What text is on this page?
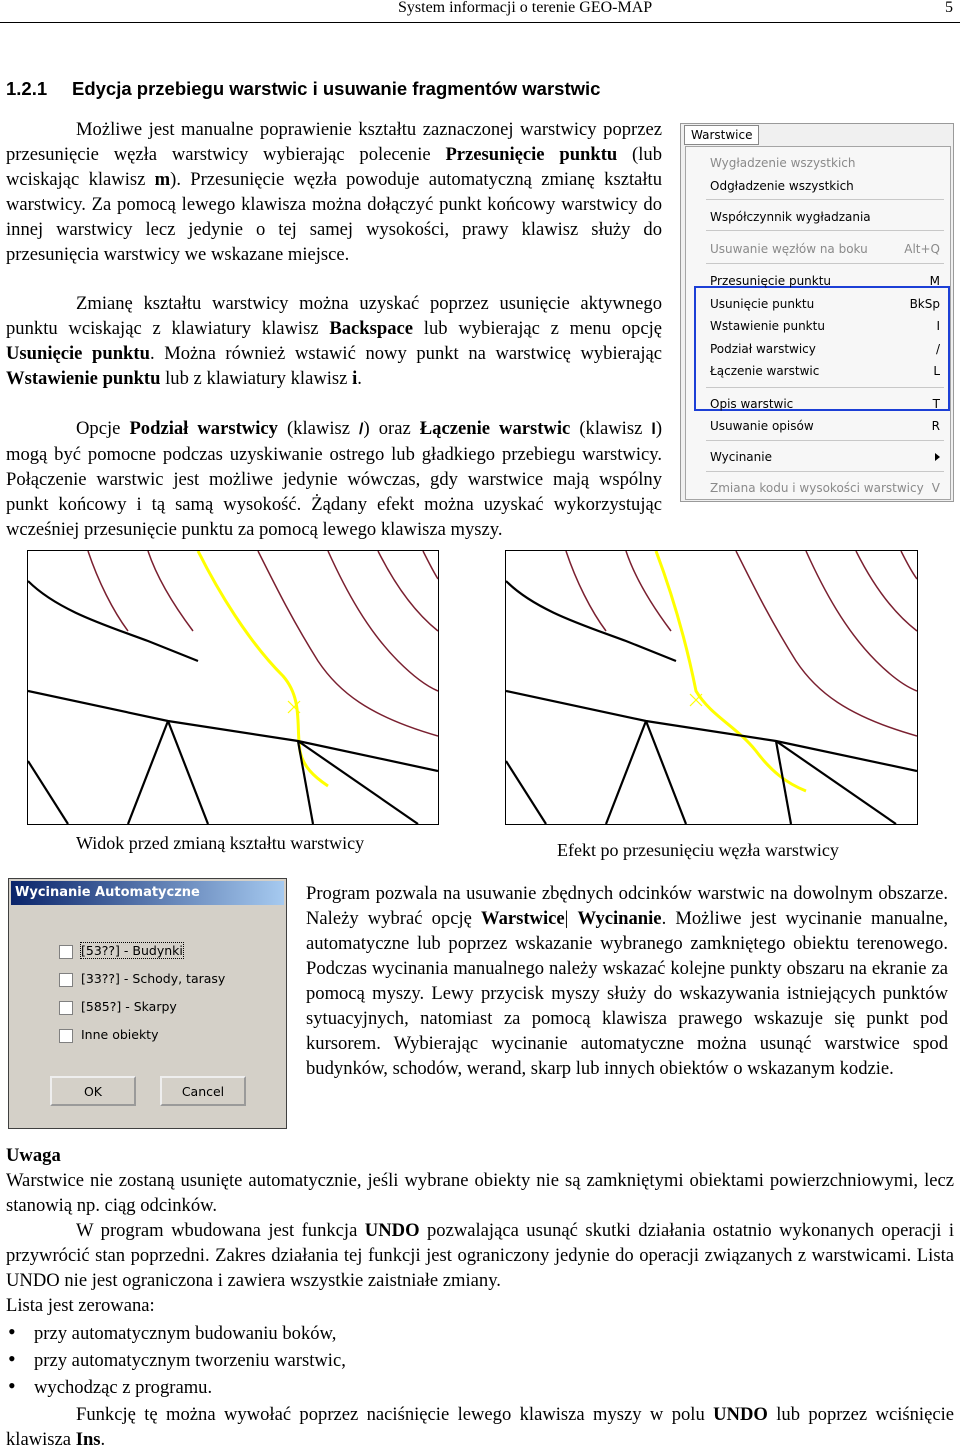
System informacji o terenie GEO-MAP	5
1.2.1 Edycja przebiegu warstwic i usuwanie fragmentów warstwic
Możliwe jest manualne poprawienie kształtu zaznaczonej warstwicy poprzez przesunięcie węzła warstwicy wybierając polecenie Przesunięcie punktu (lub wciskając klawisz m). Przesunięcie węzła powoduje automatyczną zmianę kształtu warstwicy. Za pomocą lewego klawisza można dołączyć punkt końcowy warstwicy do innej warstwicy lecz jedynie o tej samej wysokości, prawy klawisz służy do przesunięcia warstwicy we wskazane miejsce.
Zmianę kształtu warstwicy można uzyskać poprzez usunięcie aktywnego punktu wciskając z klawiatury klawisz Backspace lub wybierając z menu opcję Usunięcie punktu. Można również wstawić nowy punkt na warstwicę wybierając Wstawienie punktu lub z klawiatury klawisz i.
Opcje Podział warstwicy (klawisz /) oraz Łączenie warstwic (klawisz l) mogą być pomocne podczas uzyskiwanie ostrego lub gładkiego przebiegu warstwicy. Połączenie warstwic jest możliwe jedynie wówczas, gdy warstwice mają wspólny punkt końcowy i tą samą wysokość. Żądany efekt można uzyskać wykorzystując wcześniej przesunięcie punktu za pomocą lewego klawisza myszy.
Warstwice
Wygładzenie wszystkich
Odgładzenie wszystkich
Współczynnik wygładzania
Usuwanie węzłów na boku	Alt+Q
Przesunięcie punktu	M
Usunięcie punktu	BkSp
Wstawienie punktu	I
Podział warstwicy	/
Łączenie warstwic	L
Opis warstwic	T
Usuwanie opisów	R
Wycinanie
Zmiana kodu i wysokości warstwicy V
Widok przed zmianą kształtu warstwicy	Efekt po przesunięciu węzła warstwicy
Wycinanie Automatyczne
[53??] - Budynki
[33??] - Schody, tarasy
[585?] - Skarpy
Inne obiekty
OK	Cancel
Program pozwala na usuwanie zbędnych odcinków warstwic na dowolnym obszarze. Należy wybrać opcję Warstwice| Wycinanie. Możliwe jest wycinanie manualne, automatyczne lub poprzez wskazanie wybranego zamkniętego obiektu terenowego. Podczas wycinania manualnego należy wskazać kolejne punkty obszaru na ekranie za pomocą myszy. Lewy przycisk myszy służy do wskazywania istniejących punktów sytuacyjnych, natomiast za pomocą klawisza prawego wskazuje się punkt pod kursorem. Wybierając wycinanie automatyczne można usunąć warstwice spod budynków, schodów, werand, skarp lub innych obiektów o wskazanym kodzie.
Uwaga
Warstwice nie zostaną usunięte automatycznie, jeśli wybrane obiekty nie są zamkniętymi obiektami powierzchniowymi, lecz stanowią np. ciąg odcinków.
W program wbudowana jest funkcja UNDO pozwalająca usunąć skutki działania ostatnio wykonanych operacji i przywrócić stan poprzedni. Zakres działania tej funkcji jest ograniczony jedynie do operacji związanych z warstwicami. Lista UNDO nie jest ograniczona i zawiera wszystkie zaistniałe zmiany.
Lista jest zerowana:
• przy automatycznym budowaniu boków,
• przy automatycznym tworzeniu warstwic,
• wychodząc z programu.
Funkcję tę można wywołać poprzez naciśnięcie lewego klawisza myszy w polu UNDO lub poprzez wciśnięcie klawisza Ins.
